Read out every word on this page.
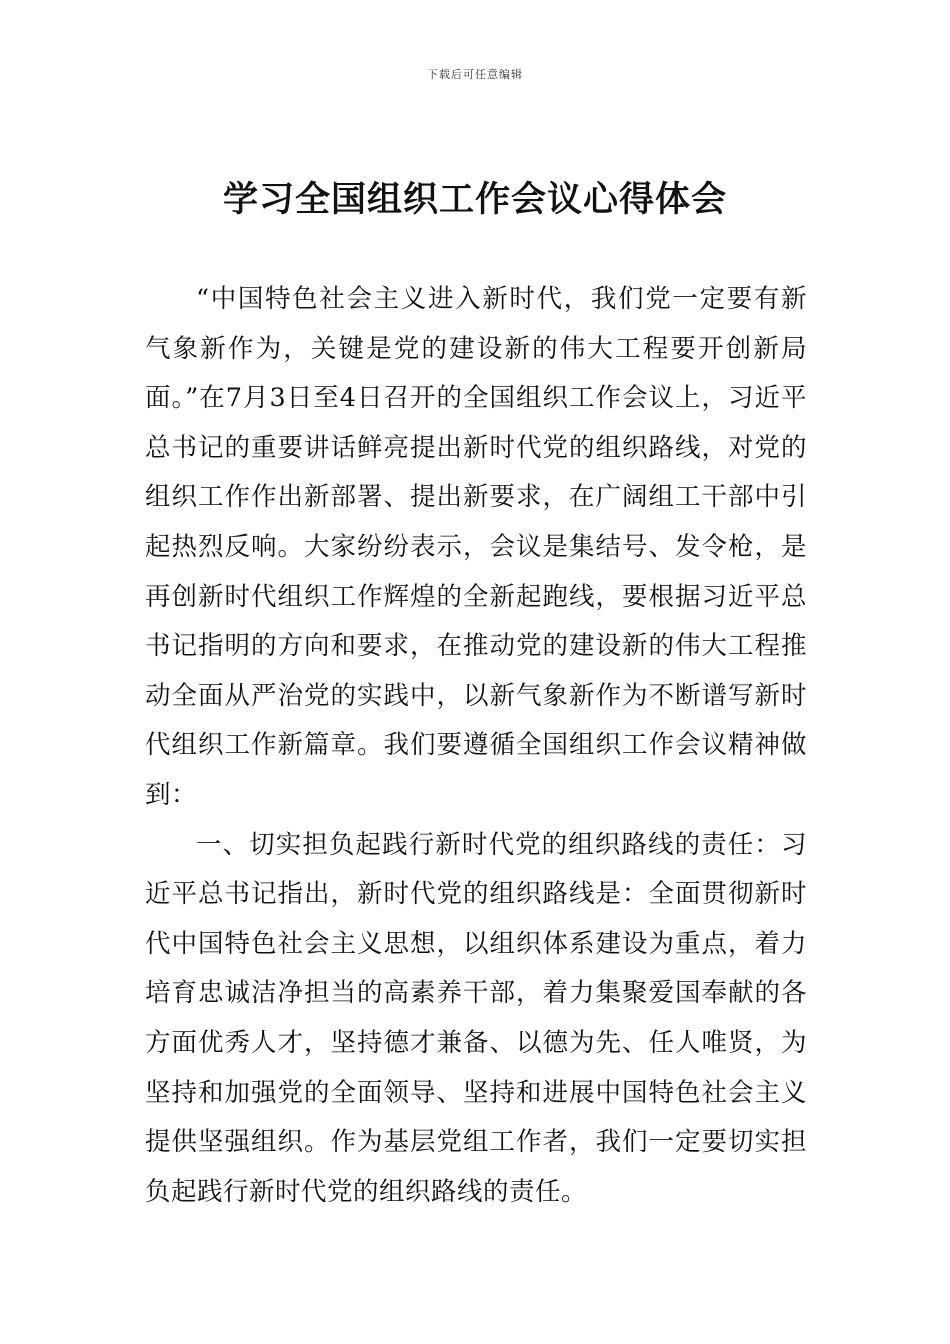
下载后可任意编辑
学习全国组织工作会议心得体会

“中国特色社会主义进入新时代，我们党一定要有新气象新作为，关键是党的建设新的伟大工程要开创新局面。”在7月3日至4日召开的全国组织工作会议上，习近平总书记的重要讲话鲜亮提出新时代党的组织路线，对党的组织工作作出新部署、提出新要求，在广阔组工干部中引起热烈反响。大家纷纷表示，会议是集结号、发令枪，是再创新时代组织工作辉煌的全新起跑线，要根据习近平总书记指明的方向和要求，在推动党的建设新的伟大工程推动全面从严治党的实践中，以新气象新作为不断谱写新时代组织工作新篇章。我们要遵循全国组织工作会议精神做到：

一、切实担负起践行新时代党的组织路线的责任：习近平总书记指出，新时代党的组织路线是：全面贯彻新时代中国特色社会主义思想，以组织体系建设为重点，着力培育忠诚洁净担当的高素养干部，着力集聚爱国奉献的各方面优秀人才，坚持德才兼备、以德为先、任人唯贤，为坚持和加强党的全面领导、坚持和进展中国特色社会主义提供坚强组织。作为基层党组工作者，我们一定要切实担负起践行新时代党的组织路线的责任。
